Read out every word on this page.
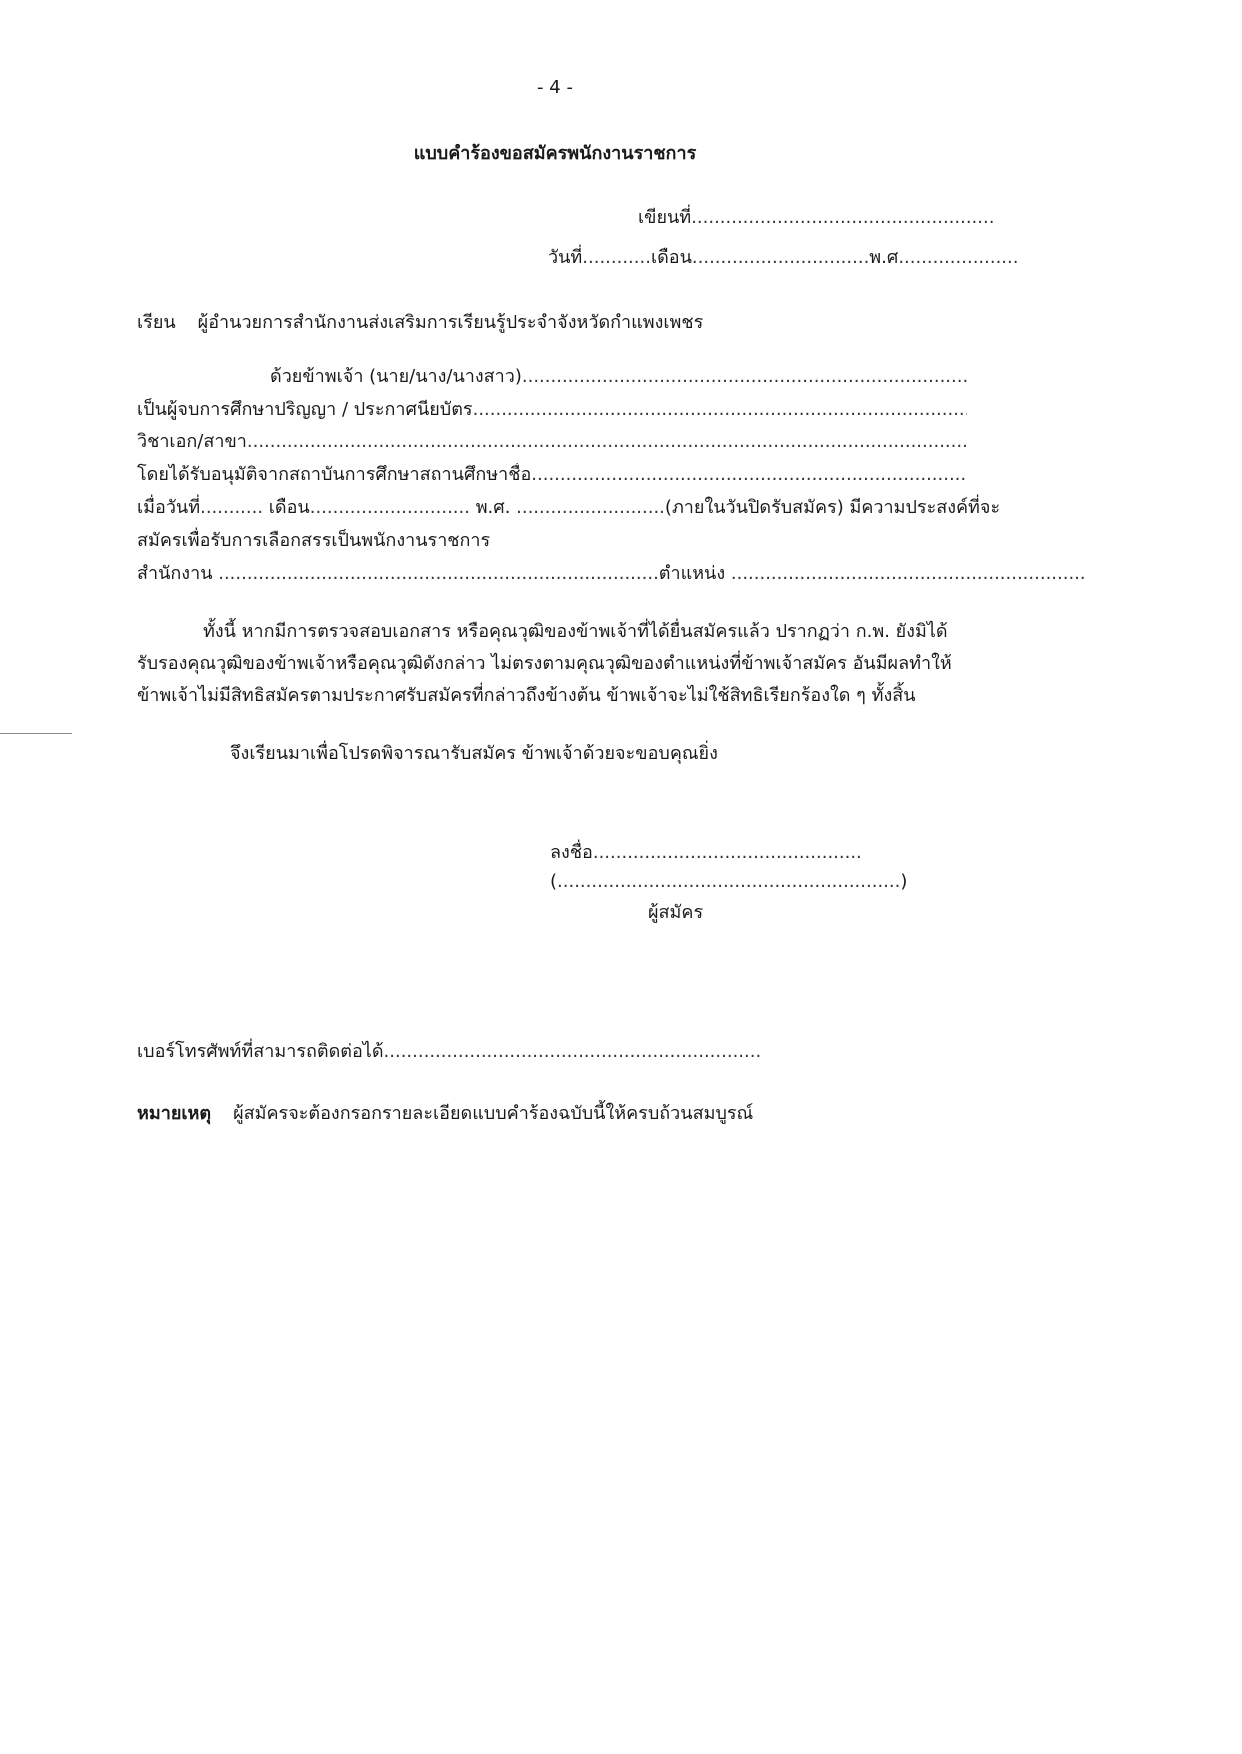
- 4 -
แบบคำร้องขอสมัครพนักงานราชการ
เขียนที่.....................................................
วันที่............เดือน...............................พ.ศ.....................
เรียน ผู้อำนวยการสำนักงานส่งเสริมการเรียนรู้ประจำจังหวัดกำแพงเพชร
ด้วยข้าพเจ้า (นาย/นาง/นางสาว)
.....
เป็นผู้จบการศึกษาปริญญา / ประกาศนียบัตร
.....
วิชาเอก/สาขา
.....
โดยได้รับอนุมัติจากสถาบันการศึกษาสถานศึกษาชื่อ
.....
เมื่อวันที่........... เดือน............................ พ.ศ. ..........................(ภายในวันปิดรับสมัคร) มีความประสงค์ที่จะ
สมัครเพื่อรับการเลือกสรรเป็นพนักงานราชการ
สำนักงาน .............................................................................ตำแหน่ง ..............................................................
ทั้งนี้ หากมีการตรวจสอบเอกสาร หรือคุณวุฒิของข้าพเจ้าที่ได้ยื่นสมัครแล้ว ปรากฏว่า ก.พ. ยังมิได้
รับรองคุณวุฒิของข้าพเจ้าหรือคุณวุฒิดังกล่าว ไม่ตรงตามคุณวุฒิของตำแหน่งที่ข้าพเจ้าสมัคร อันมีผลทำให้
ข้าพเจ้าไม่มีสิทธิสมัครตามประกาศรับสมัครที่กล่าวถึงข้างต้น ข้าพเจ้าจะไม่ใช้สิทธิเรียกร้องใด ๆ ทั้งสิ้น
จึงเรียนมาเพื่อโปรดพิจารณารับสมัคร ข้าพเจ้าด้วยจะขอบคุณยิ่ง
ลงชื่อ...............................................
(............................................................)
ผู้สมัคร
เบอร์โทรศัพท์ที่สามารถติดต่อได้..................................................................
หมายเหตุ ผู้สมัครจะต้องกรอกรายละเอียดแบบคำร้องฉบับนี้ให้ครบถ้วนสมบูรณ์
